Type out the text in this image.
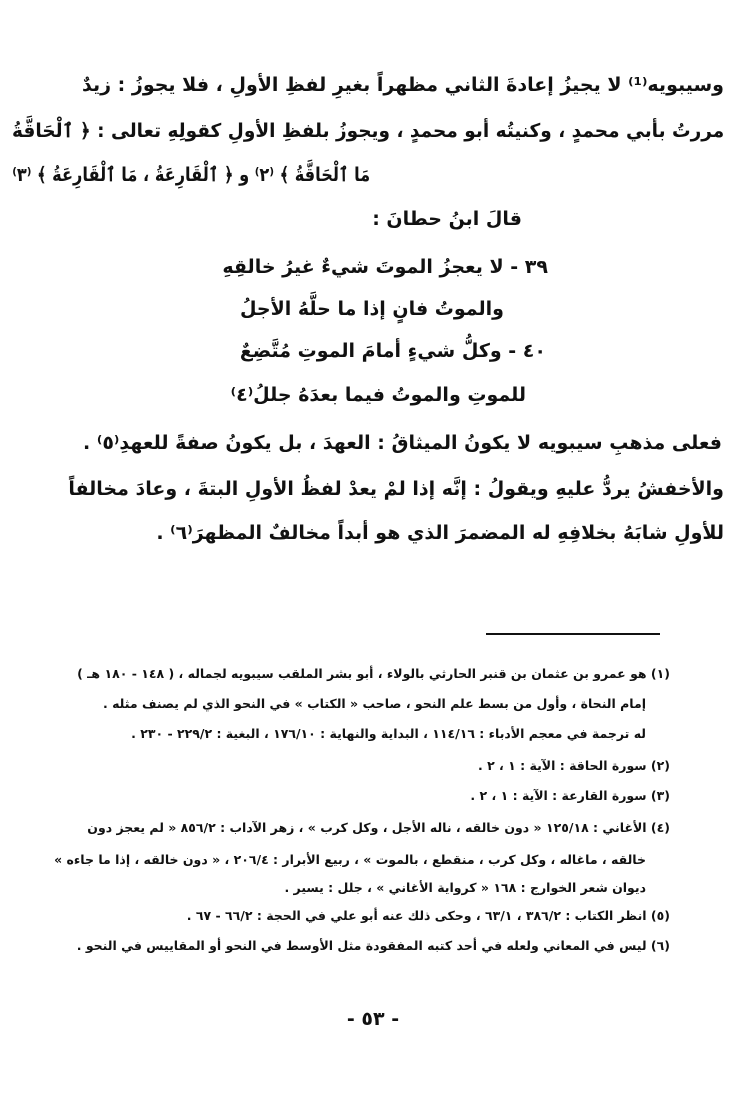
وسيبويه⁽¹⁾ لا يجيزُ إعادةَ الثاني مظهراً بغيرِ لفظِ الأولِ ، فلا يجوزُ : زيدٌ
مررتُ بأبي محمدٍ ، وكنيتُه أبو محمدٍ ، ويجوزُ بلفظِ الأولِ كقولِهِ تعالى : ﴿ ٱلْحَاقَّةُ
مَا ٱلْحَاقَّةُ ﴾ ⁽٢⁾ و ﴿ ٱلْقَارِعَةُ ، مَا ٱلْقَارِعَةُ ﴾ ⁽٣⁾
قالَ ابنُ حطانَ :
٣٩ - لا يعجزُ الموتَ شيءٌ غيرُ خالقِهِ
والموتُ فانٍ إذا ما حلَّهُ الأجلُ
٤٠ - وكلُّ شيءٍ أمامَ الموتِ مُتَّضِعٌ
للموتِ والموتُ فيما بعدَهُ جللُ⁽٤⁾
فعلى مذهبِ سيبويه لا يكونُ الميثاقُ : العهدَ ، بل يكونُ صفةً للعهدِ⁽٥⁾ .
والأخفشُ يردُّ عليهِ ويقولُ : إنَّه إذا لمْ يعدْ لفظُ الأولِ البتةَ ، وعادَ مخالفاً
للأولِ شابَهُ بخلافِهِ له المضمرَ الذي هو أبداً مخالفٌ المظهرَ⁽٦⁾ .
(١) هو عمرو بن عثمان بن قنبر الحارثي بالولاء ، أبو بشر الملقب سيبويه لجماله ، ( ١٤٨ - ١٨٠ هـ )
إمام النحاة ، وأول من بسط علم النحو ، صاحب « الكتاب » في النحو الذي لم يصنف مثله .
له ترجمة في معجم الأدباء : ١١٤/١٦ ، البداية والنهاية : ١٧٦/١٠ ، البغية : ٢٢٩/٢ - ٢٣٠ .
(٢) سورة الحاقة : الآية : ١ ، ٢ .
(٣) سورة القارعة : الآية : ١ ، ٢ .
(٤) الأغاني : ١٢٥/١٨ « دون خالقه ، ناله الأجل ، وكل كرب » ، زهر الآداب : ٨٥٦/٢ « لم يعجز دون
خالقه ، ماغاله ، وكل كرب ، منقطع ، بالموت » ، ربيع الأبرار : ٢٠٦/٤ ، « دون خالقه ، إذا ما جاءه »
ديوان شعر الخوارج : ١٦٨ « كرواية الأغاني » ، جلل : يسير .
(٥) انظر الكتاب : ٣٨٦/٢ ، ٦٣/١ ، وحكى ذلك عنه أبو علي في الحجة : ٦٦/٢ - ٦٧ .
(٦) ليس في المعاني ولعله في أحد كتبه المفقودة مثل الأوسط في النحو أو المقاييس في النحو .
- ٥٣ -
